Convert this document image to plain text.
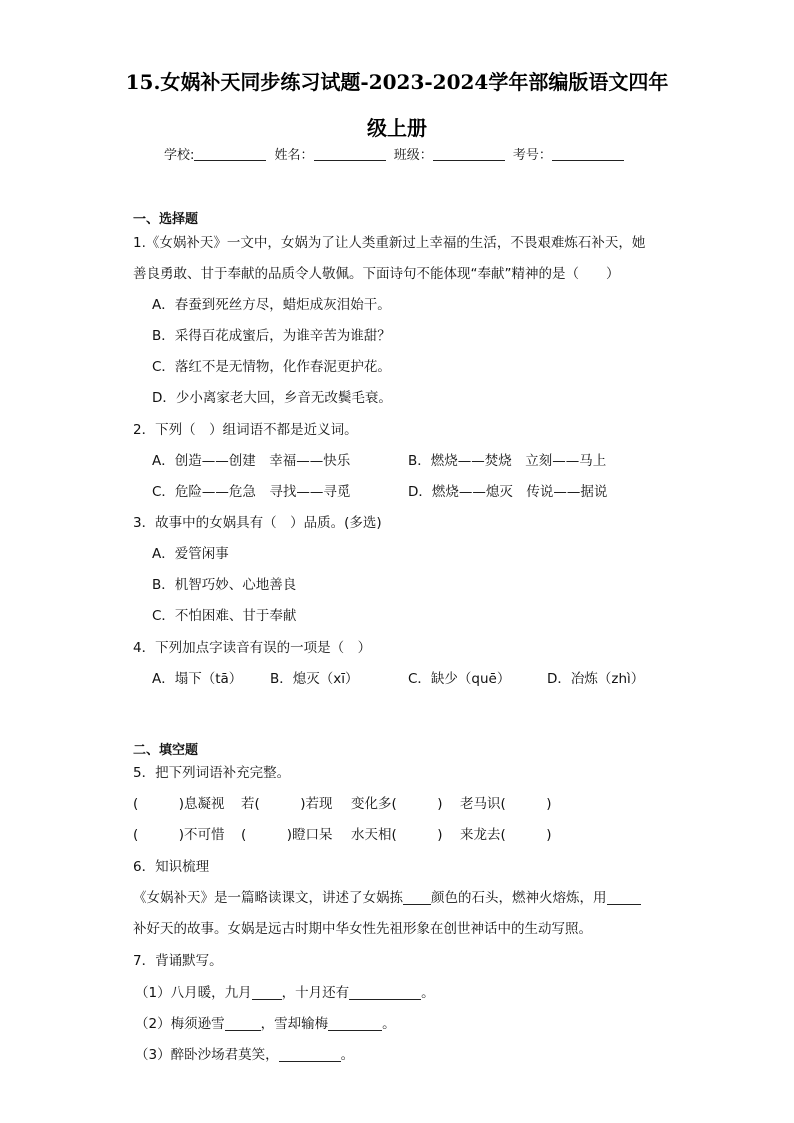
15.女娲补天同步练习试题-2023-2024学年部编版语文四年
级上册
学校:	姓名：	班级：	考号：
一、选择题
1.《女娲补天》一文中，女娲为了让人类重新过上幸福的生活，不畏艰难炼石补天，她
善良勇敢、甘于奉献的品质令人敬佩。下面诗句不能体现“奉献”精神的是（　　）
A．春蚕到死丝方尽，蜡炬成灰泪始干。
B．采得百花成蜜后，为谁辛苦为谁甜？
C．落红不是无情物，化作春泥更护花。
D．少小离家老大回，乡音无改鬓毛衰。
2．下列（　）组词语不都是近义词。
A．创造——创建　幸福——快乐	B．燃烧——焚烧　立刻——马上
C．危险——危急　寻找——寻觅	D．燃烧——熄灭　传说——据说
3．故事中的女娲具有（　）品质。(多选)
A．爱管闲事
B．机智巧妙、心地善良
C．不怕困难、甘于奉献
4．下列加点字读音有误的一项是（　）
A．塌下（tā） B．熄灭（xī）	C．缺少（quē）	D．冶炼（zhì）
二、填空题
5．把下列词语补充完整。
(　　　)息凝视 若(　　　)若现 变化多(　　　) 老马识(　　　)
(　　　)不可惜 (　　　)瞪口呆 水天相(　　　) 来龙去(　　　)
6．知识梳理
《女娲补天》是一篇略读课文，讲述了女娲拣 颜色的石头，燃神火熔炼，用
补好天的故事。女娲是远古时期中华女性先祖形象在创世神话中的生动写照。
7．背诵默写。
（1）八月暖，九月 ，十月还有	。
（2）梅须逊雪	，雪却输梅	。
（3）醉卧沙场君莫笑，	。
